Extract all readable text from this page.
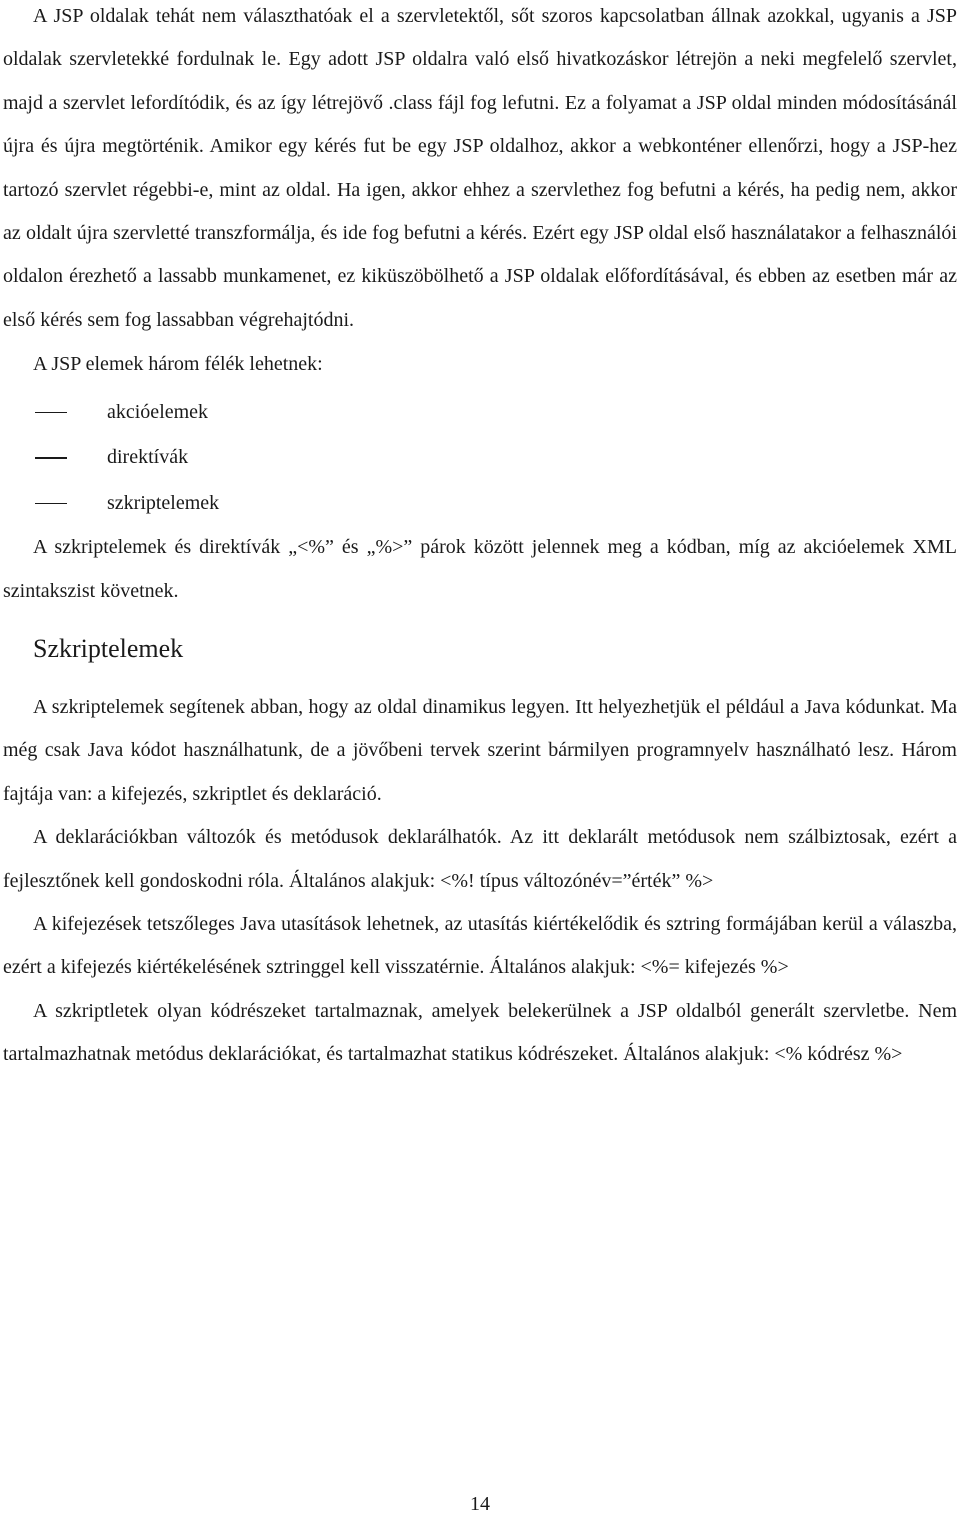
A JSP oldalak tehát nem választhatóak el a szervletektől, sőt szoros kapcsolatban állnak azokkal, ugyanis a JSP oldalak szervletekké fordulnak le. Egy adott JSP oldalra való első hivatkozáskor létrejön a neki megfelelő szervlet, majd a szervlet lefordítódik, és az így létrejövő .class fájl fog lefutni. Ez a folyamat a JSP oldal minden módosításánál újra és újra megtörténik. Amikor egy kérés fut be egy JSP oldalhoz, akkor a webkonténer ellenőrzi, hogy a JSP-hez tartozó szervlet régebbi-e, mint az oldal. Ha igen, akkor ehhez a szervlethez fog befutni a kérés, ha pedig nem, akkor az oldalt újra szervletté transzformálja, és ide fog befutni a kérés. Ezért egy JSP oldal első használatakor a felhasználói oldalon érezhető a lassabb munkamenet, ez kiküszöbölhető a JSP oldalak előfordításával, és ebben az esetben már az első kérés sem fog lassabban végrehajtódni.

A JSP elemek három félék lehetnek:

akcióelemek
direktívák
szkriptelemek

A szkriptelemek és direktívák „<%” és „%>” párok között jelennek meg a kódban, míg az akcióelemek XML szintakszist követnek.

Szkriptelemek

A szkriptelemek segítenek abban, hogy az oldal dinamikus legyen. Itt helyezhetjük el például a Java kódunkat. Ma még csak Java kódot használhatunk, de a jövőbeni tervek szerint bármilyen programnyelv használható lesz. Három fajtája van: a kifejezés, szkriptlet és deklaráció.

A deklarációkban változók és metódusok deklarálhatók. Az itt deklarált metódusok nem szálbiztosak, ezért a fejlesztőnek kell gondoskodni róla. Általános alakjuk: <%! típus változónév=”érték” %>

A kifejezések tetszőleges Java utasítások lehetnek, az utasítás kiértékelődik és sztring formájában kerül a válaszba, ezért a kifejezés kiértékelésének sztringgel kell visszatérnie. Általános alakjuk: <%= kifejezés %>

A szkriptletek olyan kódrészeket tartalmaznak, amelyek belekerülnek a JSP oldalból generált szervletbe. Nem tartalmazhatnak metódus deklarációkat, és tartalmazhat statikus kódrészeket. Általános alakjuk: <% kódrész %>

14
